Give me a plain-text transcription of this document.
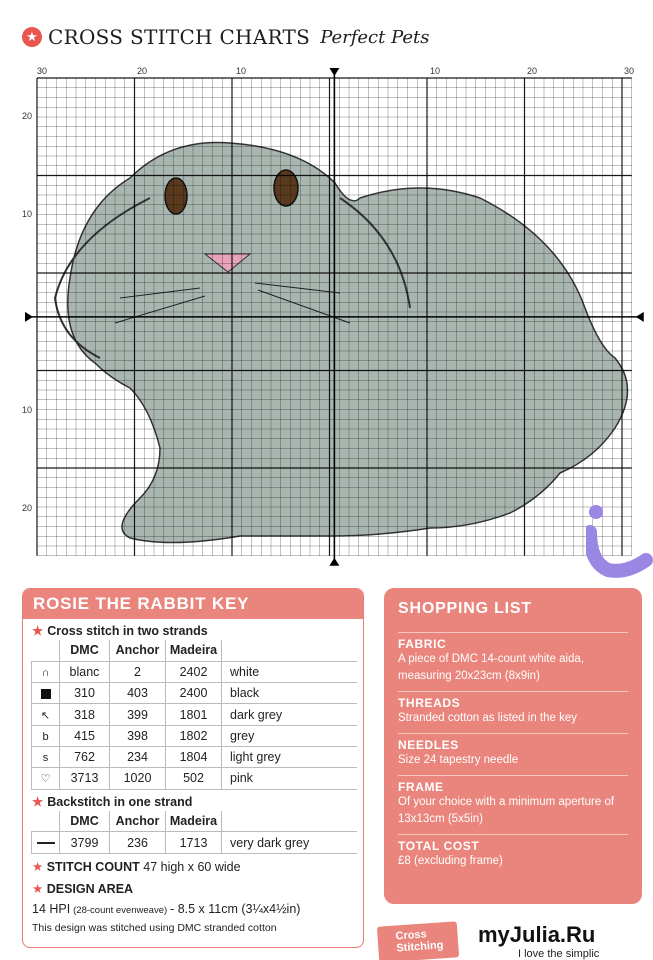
★ CROSS STITCH CHARTS Perfect Pets
30	20	10	10	20	30
20
10
10
20
ROSIE THE RABBIT KEY
★ Cross stitch in two strands
	DMC	Anchor	Madeira	
∩	blanc	2	2402	white
	310	403	2400	black
↖	318	399	1801	dark grey
b	415	398	1802	grey
s	762	234	1804	light grey
♡	3713	1020	502	pink
★ Backstitch in one strand
	DMC	Anchor	Madeira	
	3799	236	1713	very dark grey
★ STITCH COUNT 47 high x 60 wide
★ DESIGN AREA
14 HPI (28-count evenweave) - 8.5 x 11cm (3¼x4½in)
This design was stitched using DMC stranded cotton
SHOPPING LIST
FABRIC
A piece of DMC 14-count white aida, measuring 20x23cm (8x9in)
THREADS
Stranded cotton as listed in the key
NEEDLES
Size 24 tapestry needle
FRAME
Of your choice with a minimum aperture of 13x13cm (5x5in)
TOTAL COST
£8 (excluding frame)
Cross
Stitching	myJulia.Ru
I love the simplic
